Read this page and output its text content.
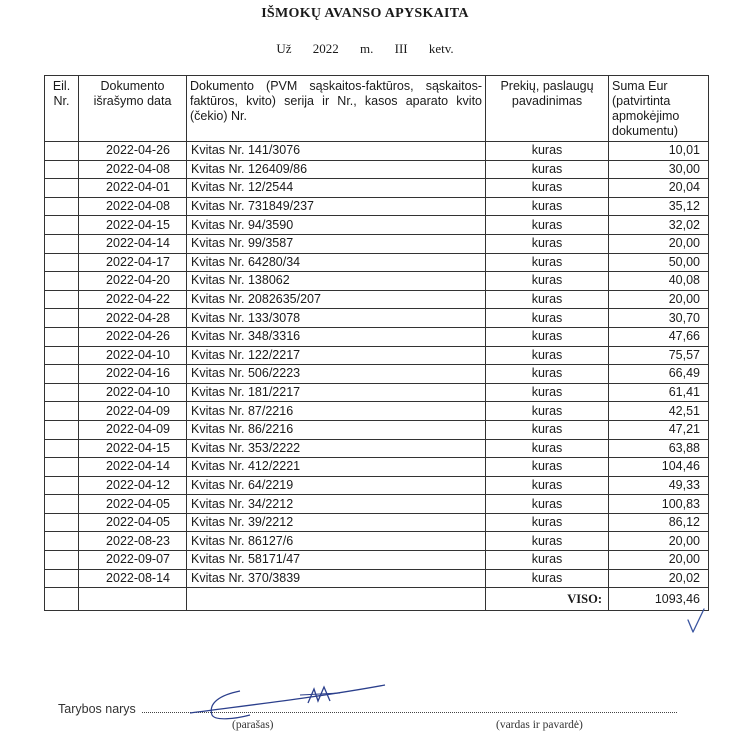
IŠMOKŲ AVANSO APYSKAITA
Už 2022 m. III ketv.
Eil. Nr.	Dokumento išrašymo data	Dokumento (PVM sąskaitos-faktūros, sąskaitos-faktūros, kvito) serija ir Nr., kasos aparato kvito (čekio) Nr.	Prekių, paslaugų pavadinimas	Suma Eur (patvirtinta apmokėjimo dokumentu)
	2022-04-26	Kvitas Nr. 141/3076	kuras	10,01
	2022-04-08	Kvitas Nr. 126409/86	kuras	30,00
	2022-04-01	Kvitas Nr. 12/2544	kuras	20,04
	2022-04-08	Kvitas Nr. 731849/237	kuras	35,12
	2022-04-15	Kvitas Nr. 94/3590	kuras	32,02
	2022-04-14	Kvitas Nr. 99/3587	kuras	20,00
	2022-04-17	Kvitas Nr. 64280/34	kuras	50,00
	2022-04-20	Kvitas Nr. 138062	kuras	40,08
	2022-04-22	Kvitas Nr. 2082635/207	kuras	20,00
	2022-04-28	Kvitas Nr. 133/3078	kuras	30,70
	2022-04-26	Kvitas Nr. 348/3316	kuras	47,66
	2022-04-10	Kvitas Nr. 122/2217	kuras	75,57
	2022-04-16	Kvitas Nr. 506/2223	kuras	66,49
	2022-04-10	Kvitas Nr. 181/2217	kuras	61,41
	2022-04-09	Kvitas Nr. 87/2216	kuras	42,51
	2022-04-09	Kvitas Nr. 86/2216	kuras	47,21
	2022-04-15	Kvitas Nr. 353/2222	kuras	63,88
	2022-04-14	Kvitas Nr. 412/2221	kuras	104,46
	2022-04-12	Kvitas Nr. 64/2219	kuras	49,33
	2022-04-05	Kvitas Nr. 34/2212	kuras	100,83
	2022-04-05	Kvitas Nr. 39/2212	kuras	86,12
	2022-08-23	Kvitas Nr. 86127/6	kuras	20,00
	2022-09-07	Kvitas Nr. 58171/47	kuras	20,00
	2022-08-14	Kvitas Nr. 370/3839	kuras	20,02
			VISO:	1093,46
Tarybos narys
(parašas)	(vardas ir pavardė)
